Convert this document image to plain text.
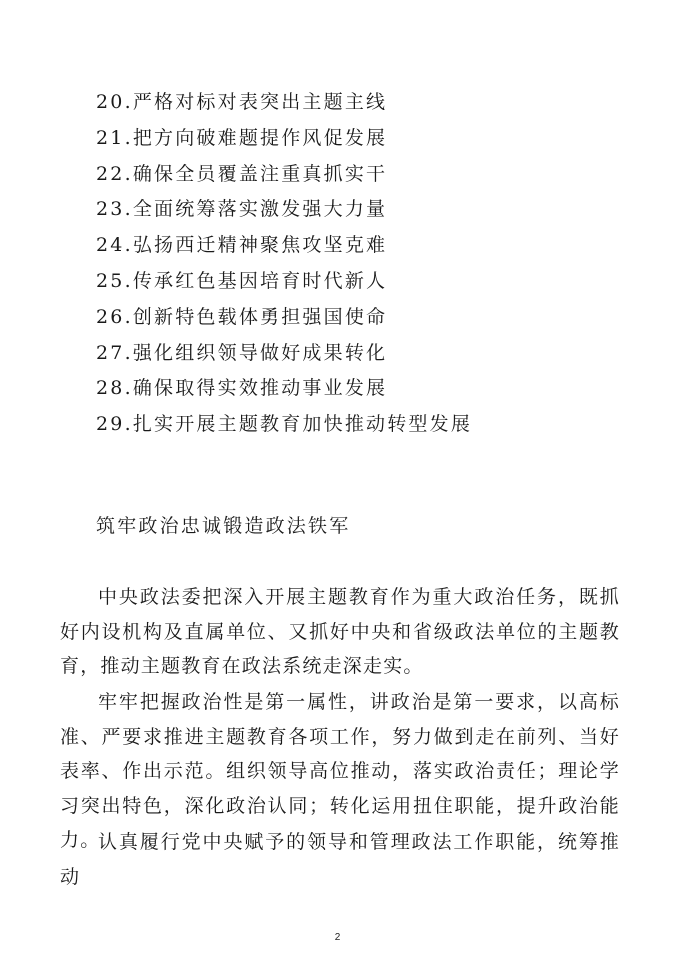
20.严格对标对表突出主题主线
21.把方向破难题提作风促发展
22.确保全员覆盖注重真抓实干
23.全面统筹落实激发强大力量
24.弘扬西迁精神聚焦攻坚克难
25.传承红色基因培育时代新人
26.创新特色载体勇担强国使命
27.强化组织领导做好成果转化
28.确保取得实效推动事业发展
29.扎实开展主题教育加快推动转型发展
筑牢政治忠诚锻造政法铁军

中央政法委把深入开展主题教育作为重大政治任务，既抓好内设机构及直属单位、又抓好中央和省级政法单位的主题教育，推动主题教育在政法系统走深走实。

牢牢把握政治性是第一属性，讲政治是第一要求，以高标准、严要求推进主题教育各项工作，努力做到走在前列、当好表率、作出示范。组织领导高位推动，落实政治责任；理论学习突出特色，深化政治认同；转化运用扭住职能，提升政治能力。

认真履行党中央赋予的领导和管理政法工作职能，统筹推动

2
